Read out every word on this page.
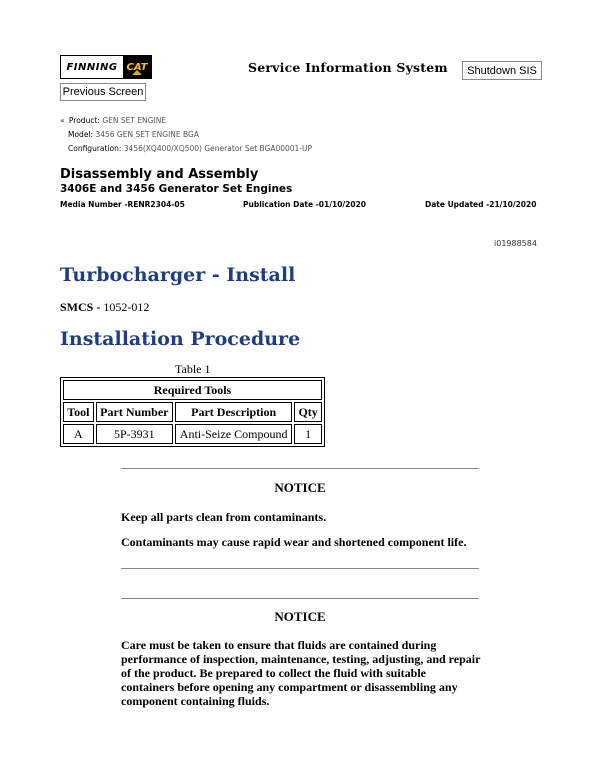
FINNING CAT	Service Information System	Shutdown SIS
Previous Screen
« Product: GEN SET ENGINE
Model: 3456 GEN SET ENGINE BGA
Configuration: 3456(XQ400/XQ500) Generator Set BGA00001-UP
Disassembly and Assembly
3406E and 3456 Generator Set Engines
Media Number -RENR2304-05	Publication Date -01/10/2020	Date Updated -21/10/2020
i01988584
Turbocharger - Install
SMCS - 1052-012
Installation Procedure
Table 1
Required Tools			
Tool	Part Number	Part Description	Qty
A	5P-3931	Anti-Seize Compound	1
NOTICE
Keep all parts clean from contaminants.
Contaminants may cause rapid wear and shortened component life.
NOTICE
Care must be taken to ensure that fluids are contained during performance of inspection, maintenance, testing, adjusting, and repair of the product. Be prepared to collect the fluid with suitable containers before opening any compartment or disassembling any component containing fluids.
